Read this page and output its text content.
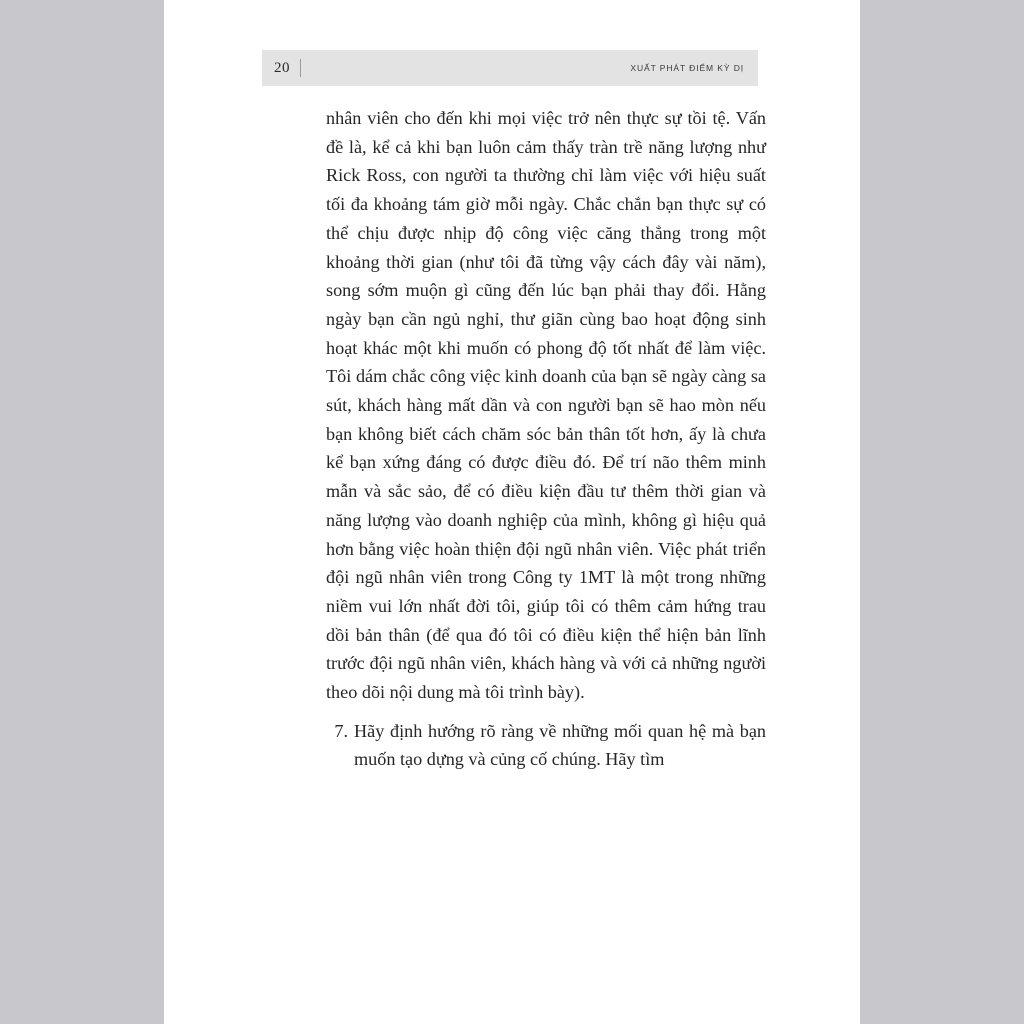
20	XUẤT PHÁT ĐIỂM KỲ DỊ

nhân viên cho đến khi mọi việc trở nên thực sự tồi tệ. Vấn đề là, kể cả khi bạn luôn cảm thấy tràn trề năng lượng như Rick Ross, con người ta thường chỉ làm việc với hiệu suất tối đa khoảng tám giờ mỗi ngày. Chắc chắn bạn thực sự có thể chịu được nhịp độ công việc căng thẳng trong một khoảng thời gian (như tôi đã từng vậy cách đây vài năm), song sớm muộn gì cũng đến lúc bạn phải thay đổi. Hằng ngày bạn cần ngủ nghỉ, thư giãn cùng bao hoạt động sinh hoạt khác một khi muốn có phong độ tốt nhất để làm việc. Tôi dám chắc công việc kinh doanh của bạn sẽ ngày càng sa sút, khách hàng mất dần và con người bạn sẽ hao mòn nếu bạn không biết cách chăm sóc bản thân tốt hơn, ấy là chưa kể bạn xứng đáng có được điều đó. Để trí não thêm minh mẫn và sắc sảo, để có điều kiện đầu tư thêm thời gian và năng lượng vào doanh nghiệp của mình, không gì hiệu quả hơn bằng việc hoàn thiện đội ngũ nhân viên. Việc phát triển đội ngũ nhân viên trong Công ty 1MT là một trong những niềm vui lớn nhất đời tôi, giúp tôi có thêm cảm hứng trau dồi bản thân (để qua đó tôi có điều kiện thể hiện bản lĩnh trước đội ngũ nhân viên, khách hàng và với cả những người theo dõi nội dung mà tôi trình bày).

7. Hãy định hướng rõ ràng về những mối quan hệ mà bạn muốn tạo dựng và củng cố chúng. Hãy tìm
